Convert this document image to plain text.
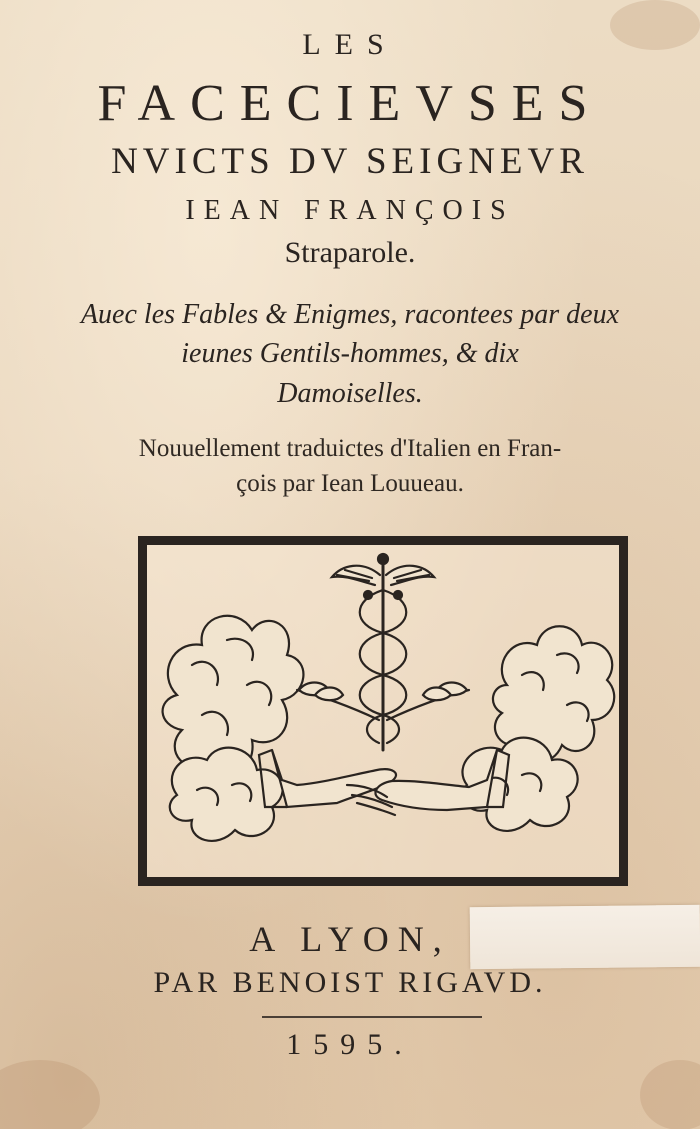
LES
FACECIEVSES
NVICTS DV SEIGNEVR
IEAN FRANÇOIS
Straparole.
Auec les Fables & Enigmes, racontees par deux
ieunes Gentils-hommes, & dix
Damoiselles.
Nouuellement traduictes d'Italien en Fran-
çois par Iean Louueau.
A LYON,
PAR BENOIST RIGAVD.
1595.
